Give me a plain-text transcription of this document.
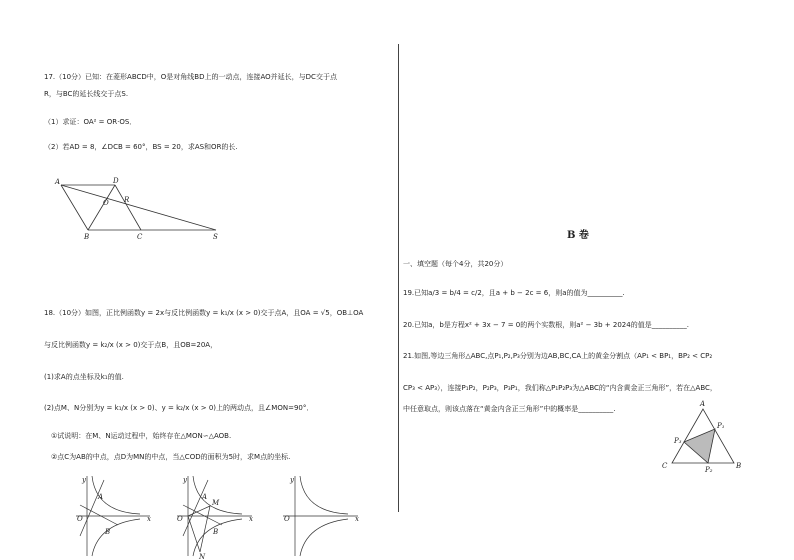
17.（10分）已知：在菱形ABCD中，O是对角线BD上的一动点，连接AO并延长，与DC交于点
R，与BC的延长线交于点S.
（1）求证：OA² = OR·OS．
（2）若AD = 8，∠DCB = 60°，BS = 20，求AS和OR的长.
A	D
O R
B	C	S
18.（10分）如图，正比例函数y = 2x与反比例函数y = k₁/x (x > 0)交于点A，且OA = √5，OB⊥OA
与反比例函数y = k₂/x (x > 0)交于点B，且OB=20A，
(1)求A的点坐标及k₁的值.
(2)点M、N分别为y = k₁/x (x > 0)、y = k₂/x (x > 0)上的两动点，且∠MON=90°．
①试说明：在M、N运动过程中，始终存在△MON∽△AOB.
②点C为AB的中点，点D为MN的中点，当△COD的面积为5时，求M点的坐标.
y
x
O
A
B
y
x
O
A
M
B
N
y
x
O
B 卷
一、填空题（每个4分，共20分）
19.已知a/3 = b/4 = c/2，且a + b − 2c = 6，则a的值为__________.
20.已知a，b是方程x² + 3x − 7 = 0的两个实数根，则a² − 3b + 2024的值是__________.
21.如图,等边三角形△ABC,点P₁,P₂,P₃分别为边AB,BC,CA上的黄金分割点（AP₁ < BP₁，BP₂ < CP₂
CP₃ < AP₃），连接P₁P₂，P₂P₃，P₃P₁，我们称△P₁P₂P₃为△ABC的“内含黄金正三角形”，若在△ABC，
中任意取点，则该点落在“黄金内含正三角形”中的概率是__________.
A
P₁
P₃
C	P₂	B
